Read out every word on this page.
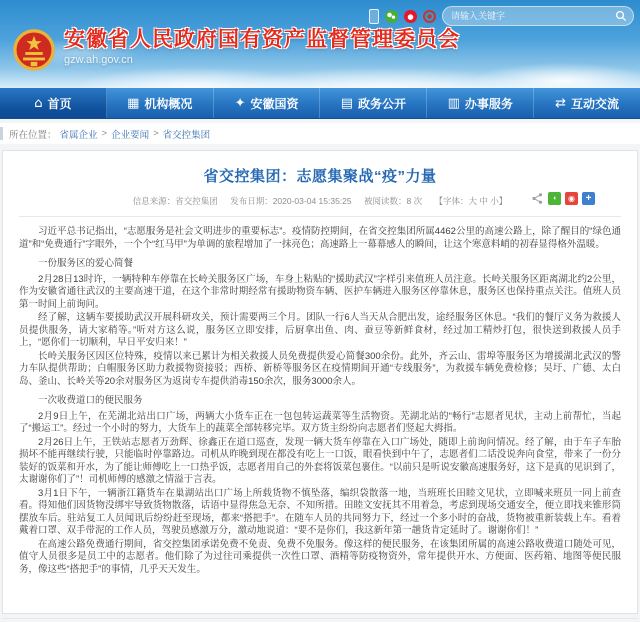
请输入关键字
安徽省人民政府国有资产监督管理委员会
gzw.ah.gov.cn
⌂
首页 ▦	机构概况 ✦	安徽国资 ▤	政务公开 ▥	办事服务 ⇄	互动交流
所在位置： 省属企业 > 企业要闻 > 省交控集团
省交控集团：志愿集聚战“疫”力量
信息来源：省交控集团 发布日期：2020-03-04 15:35:25 被阅读数：8 次 【字体：大 中 小】
◖
◉
+

习近平总书记指出，“志愿服务是社会文明进步的重要标志”。疫情防控期间，在省交控集团所属4462公里的高速公路上，除了醒目的“绿色通道”和“免费通行”字眼外，一个个“红马甲”为单调的旅程增加了一抹亮色；高速路上一幕幕感人的瞬间，让这个寒意料峭的初春显得格外温暖。

一份服务区的爱心简餐

2月28日13时许，一辆特种车停靠在长岭关服务区广场，车身上粘贴的“援助武汉”字样引来值班人员注意。长岭关服务区距离湖北约2公里，作为安徽省通往武汉的主要高速干道，在这个非常时期经常有援助物资车辆、医护车辆进入服务区停靠休息，服务区也保持重点关注。值班人员第一时间上前询问。

经了解，这辆车要援助武汉开展科研攻关，预计需要两三个月。团队一行6人当天从合肥出发，途经服务区休息。“我们的餐厅义务为救援人员提供服务，请大家稍等。”听对方这么说，服务区立即安排，后厨拿出鱼、肉、蚕豆等新鲜食材，经过加工精炒打包，很快送到救援人员手上，“愿你们一切顺利，早日平安归来！”

长岭关服务区因区位特殊，疫情以来已累计为相关救援人员免费提供爱心简餐300余份。此外，齐云山、雷埠等服务区为增援湖北武汉的警力车队提供帮助；白帽服务区助力救援物资接驳；西桥、新桥等服务区在疫情期间开通“专线服务”，为救援车辆免费检修；吴圩、广德、太白岛、釜山、长岭关等20余对服务区为返岗专车提供消毒150余次，服务3000余人。

一次收费道口的便民服务

2月9日上午，在芜湖北站出口广场，两辆大小货车正在一包包转运蔬菜等生活物资。芜湖北站的“畅行”志愿者见状，主动上前帮忙，当起了“搬运工”。经过一个小时的努力，大货车上的蔬菜全部转移完毕。双方货主纷纷向志愿者们竖起大拇指。

2月26日上午，王铁站志愿者万劲辉、徐鑫正在道口巡查，发现一辆大货车停靠在入口广场处，随即上前询问情况。经了解，由于车子车胎损坏不能再继续行驶，只能临时停靠路边。司机从昨晚到现在都没有吃上一口饭，眼看快到中午了，志愿者们二话没说奔向食堂，带来了一份分装好的饭菜和开水，为了能让师傅吃上一口热乎饭，志愿者用自己的外套将饭菜包裹住。“以前只是听说安徽高速服务好，这下是真的见识到了，太谢谢你们了”！司机师傅的感激之情溢于言表。

3月1日下午，一辆浙江籍货车在巢湖站出口广场上所载货物不慎坠落，编织袋散落一地，当班班长田睦文见状，立即喊来班员一同上前查看。得知他们因货物没绑牢导致货物散落，话语中显得焦急无奈、不知所措。田睦文安抚其不用着急，考虑到现场交通安全，便立即找来锥形筒摆放车后。驻站复工人员闻讯后纷纷赶至现场，都来“搭把手”。在随车人员的共同努力下，经过一个多小时的奋战，货物被重新装载上车。看着戴着口罩、双手带泥的工作人员，驾驶员感激万分，激动地说道：“要不是你们，我这新年第一趟货肯定延时了。谢谢你们！”

在高速公路免费通行期间，省交控集团承诺免费不免责、免费不免服务。像这样的便民服务，在该集团所属的高速公路收费道口随处可见，值守人员很多是员工中的志愿者。他们除了为过往司乘提供一次性口罩、酒精等防疫物资外，常年提供开水、方便面、医药箱、地图等便民服务，像这些“搭把手”的事情，几乎天天发生。
